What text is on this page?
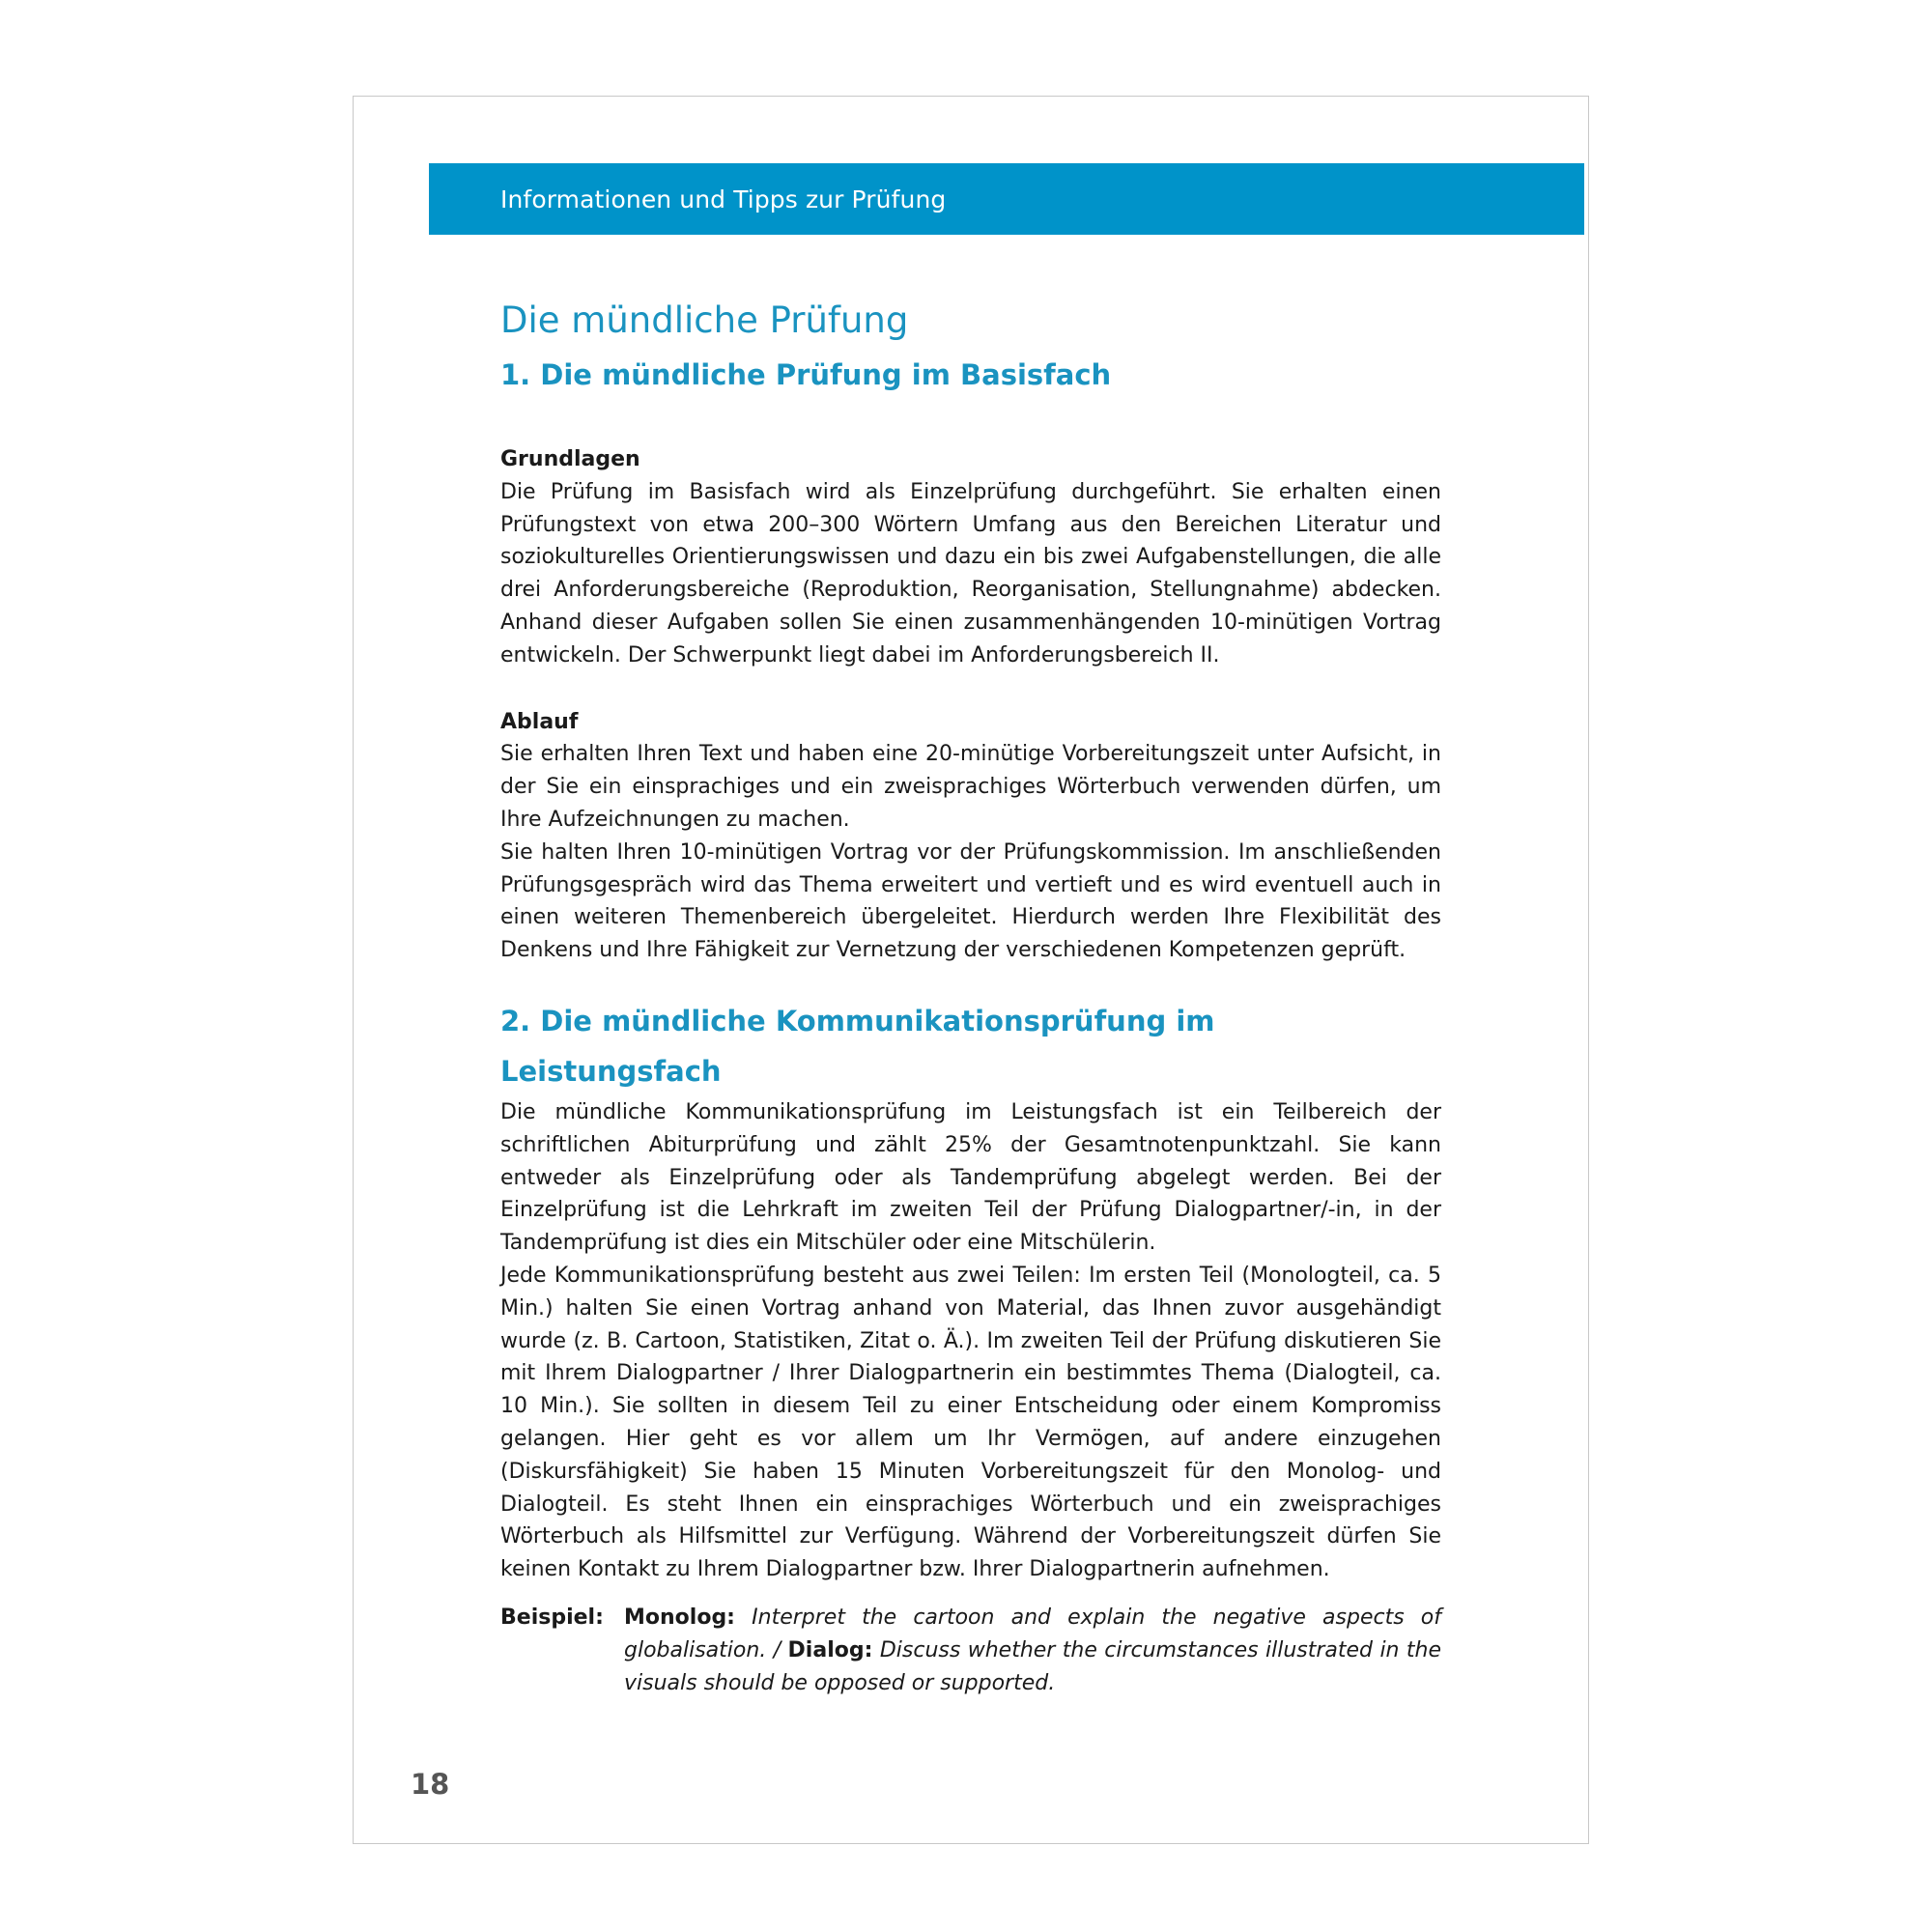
Informationen und Tipps zur Prüfung
Die mündliche Prüfung
1. Die mündliche Prüfung im Basisfach
Grundlagen

Die Prüfung im Basisfach wird als Einzelprüfung durchgeführt. Sie erhalten einen Prüfungstext von etwa 200–300 Wörtern Umfang aus den Bereichen Literatur und soziokulturelles Orientierungswissen und dazu ein bis zwei Aufgabenstellungen, die alle drei Anforderungsbereiche (Reproduktion, Reorganisation, Stellungnahme) abdecken. Anhand dieser Aufgaben sollen Sie einen zusammenhängenden 10-minütigen Vortrag entwickeln. Der Schwerpunkt liegt dabei im Anforderungsbereich II.

Ablauf

Sie erhalten Ihren Text und haben eine 20-minütige Vorbereitungszeit unter Aufsicht, in der Sie ein einsprachiges und ein zweisprachiges Wörterbuch verwenden dürfen, um Ihre Aufzeichnungen zu machen.

Sie halten Ihren 10-minütigen Vortrag vor der Prüfungskommission. Im anschließenden Prüfungsgespräch wird das Thema erweitert und vertieft und es wird eventuell auch in einen weiteren Themenbereich übergeleitet. Hierdurch werden Ihre Flexibilität des Denkens und Ihre Fähigkeit zur Vernetzung der verschiedenen Kompetenzen geprüft.

2. Die mündliche Kommunikationsprüfung im Leistungsfach

Die mündliche Kommunikationsprüfung im Leistungsfach ist ein Teilbereich der schriftlichen Abiturprüfung und zählt 25% der Gesamtnotenpunktzahl. Sie kann entweder als Einzelprüfung oder als Tandemprüfung abgelegt werden. Bei der Einzelprüfung ist die Lehrkraft im zweiten Teil der Prüfung Dialogpartner/-in, in der Tandemprüfung ist dies ein Mitschüler oder eine Mitschülerin.

Jede Kommunikationsprüfung besteht aus zwei Teilen: Im ersten Teil (Monologteil, ca. 5 Min.) halten Sie einen Vortrag anhand von Material, das Ihnen zuvor ausgehändigt wurde (z. B. Cartoon, Statistiken, Zitat o. Ä.). Im zweiten Teil der Prüfung diskutieren Sie mit Ihrem Dialogpartner / Ihrer Dialogpartnerin ein bestimmtes Thema (Dialogteil, ca. 10 Min.). Sie sollten in diesem Teil zu einer Entscheidung oder einem Kompromiss gelangen. Hier geht es vor allem um Ihr Vermögen, auf andere einzugehen (Diskursfähigkeit) Sie haben 15 Minuten Vorbereitungszeit für den Monolog- und Dialogteil. Es steht Ihnen ein einsprachiges Wörterbuch und ein zweisprachiges Wörterbuch als Hilfsmittel zur Verfügung. Während der Vorbereitungszeit dürfen Sie keinen Kontakt zu Ihrem Dialogpartner bzw. Ihrer Dialogpartnerin aufnehmen.

Beispiel: Monolog: Interpret the cartoon and explain the negative aspects of globalisation. / Dialog: Discuss whether the circumstances illustrated in the visuals should be opposed or supported.
18
